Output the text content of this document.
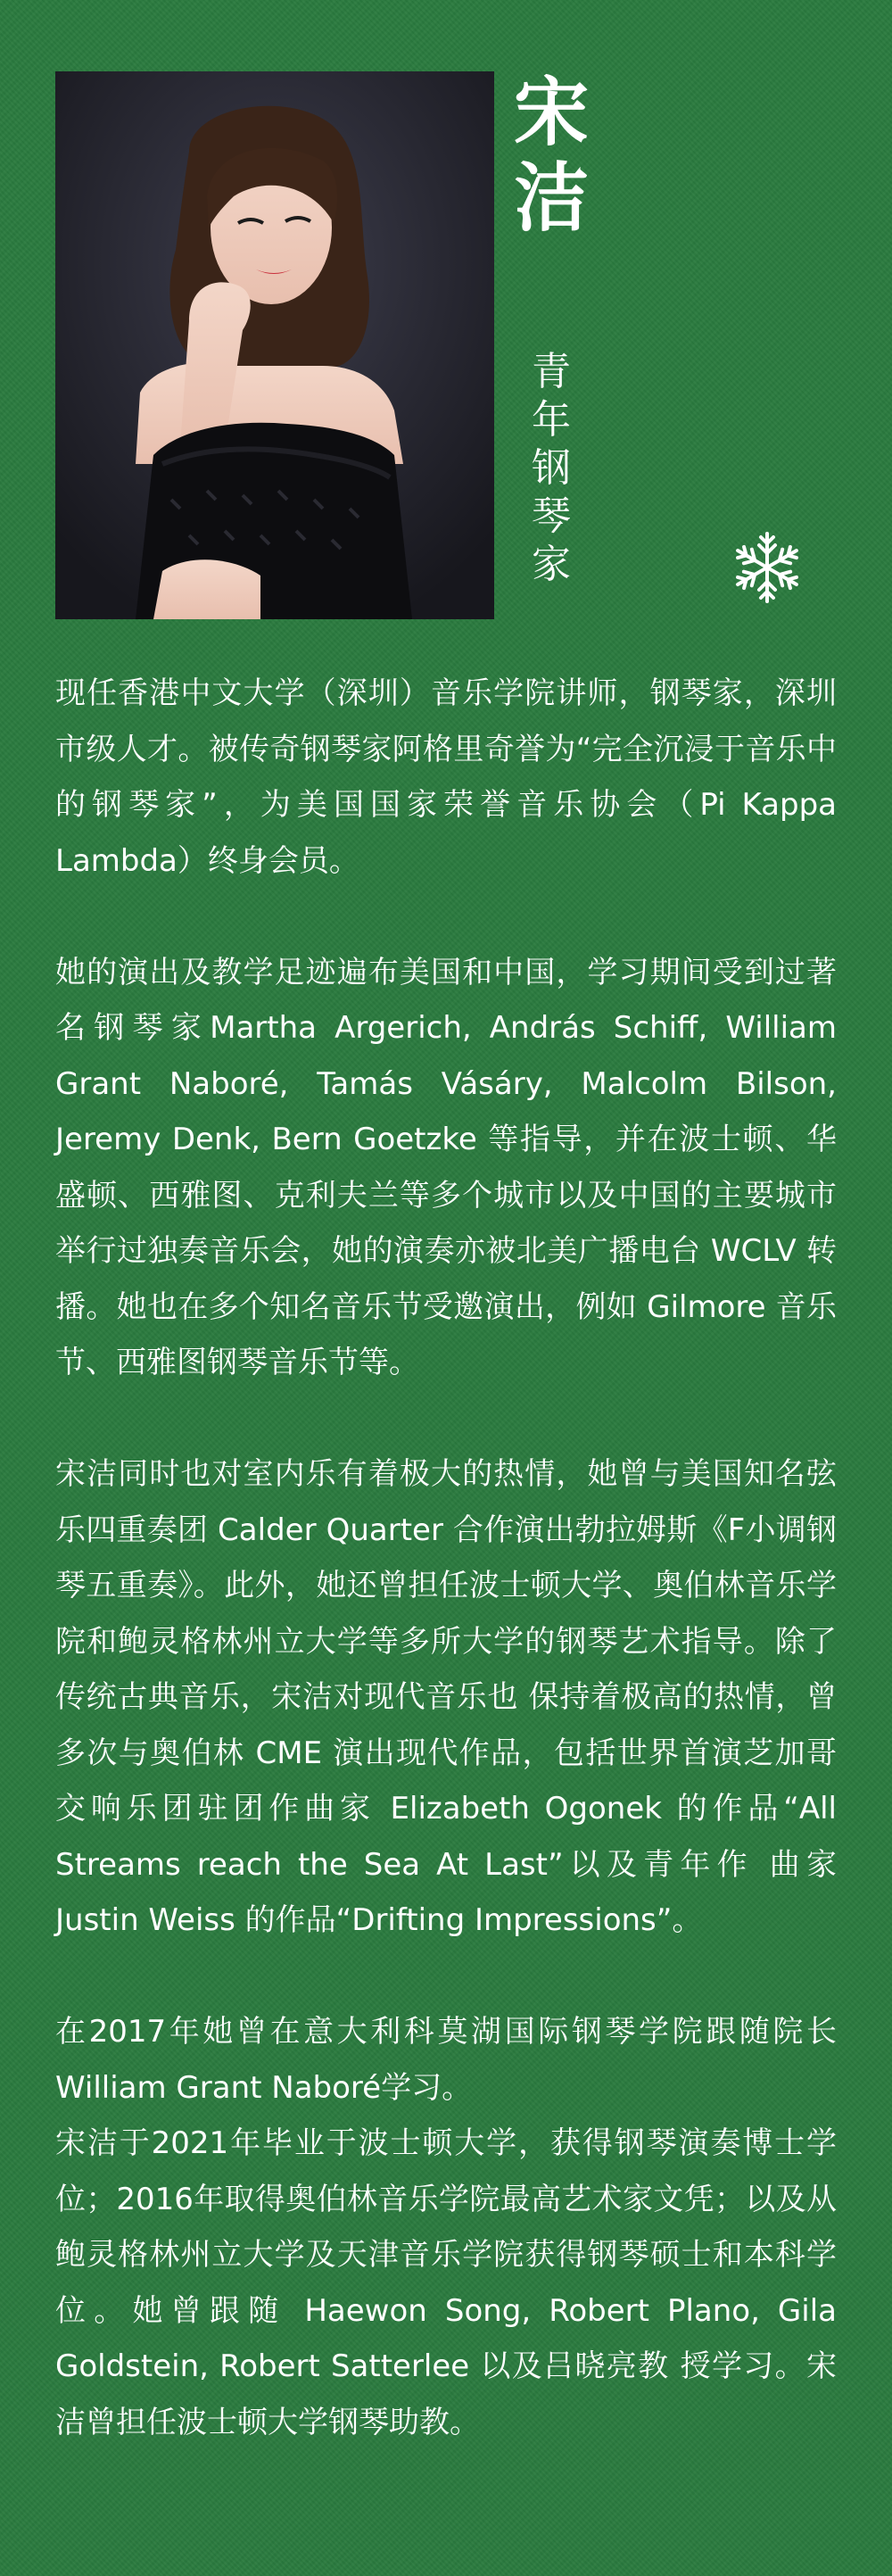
宋
洁
青
年
钢
琴
家

现任香港中文大学（深圳）音乐学院讲师，钢琴家，深圳市级人才。被传奇钢琴家阿格里奇誉为“完全沉浸于音乐中的钢琴家”，为美国国家荣誉音乐协会（Pi Kappa Lambda）终身会员。

她的演出及教学足迹遍布美国和中国，学习期间受到过著名钢琴家Martha Argerich, András Schiff, William Grant Naboré, Tamás Vásáry, Malcolm Bilson, Jeremy Denk, Bern Goetzke 等指导，并在波士顿、华盛顿、西雅图、克利夫兰等多个城市以及中国的主要城市举行过独奏音乐会，她的演奏亦被北美广播电台 WCLV 转播。她也在多个知名音乐节受邀演出，例如 Gilmore 音乐节、西雅图钢琴音乐节等。

宋洁同时也对室内乐有着极大的热情，她曾与美国知名弦乐四重奏团 Calder Quarter 合作演出勃拉姆斯《F小调钢琴五重奏》。此外，她还曾担任波士顿大学、奥伯林音乐学院和鲍灵格林州立大学等多所大学的钢琴艺术指导。除了传统古典音乐，宋洁对现代音乐也 保持着极高的热情，曾多次与奥伯林 CME 演出现代作品，包括世界首演芝加哥交响乐团驻团作曲家 Elizabeth Ogonek 的作品“All Streams reach the Sea At Last”以及青年作 曲家 Justin Weiss 的作品“Drifting Impressions”。

在2017年她曾在意大利科莫湖国际钢琴学院跟随院长William Grant Naboré学习。

宋洁于2021年毕业于波士顿大学，获得钢琴演奏博士学位；2016年取得奥伯林音乐学院最高艺术家文凭；以及从鲍灵格林州立大学及天津音乐学院获得钢琴硕士和本科学位。她曾跟随 Haewon Song, Robert Plano, Gila Goldstein, Robert Satterlee 以及吕晓亮教 授学习。宋洁曾担任波士顿大学钢琴助教。
